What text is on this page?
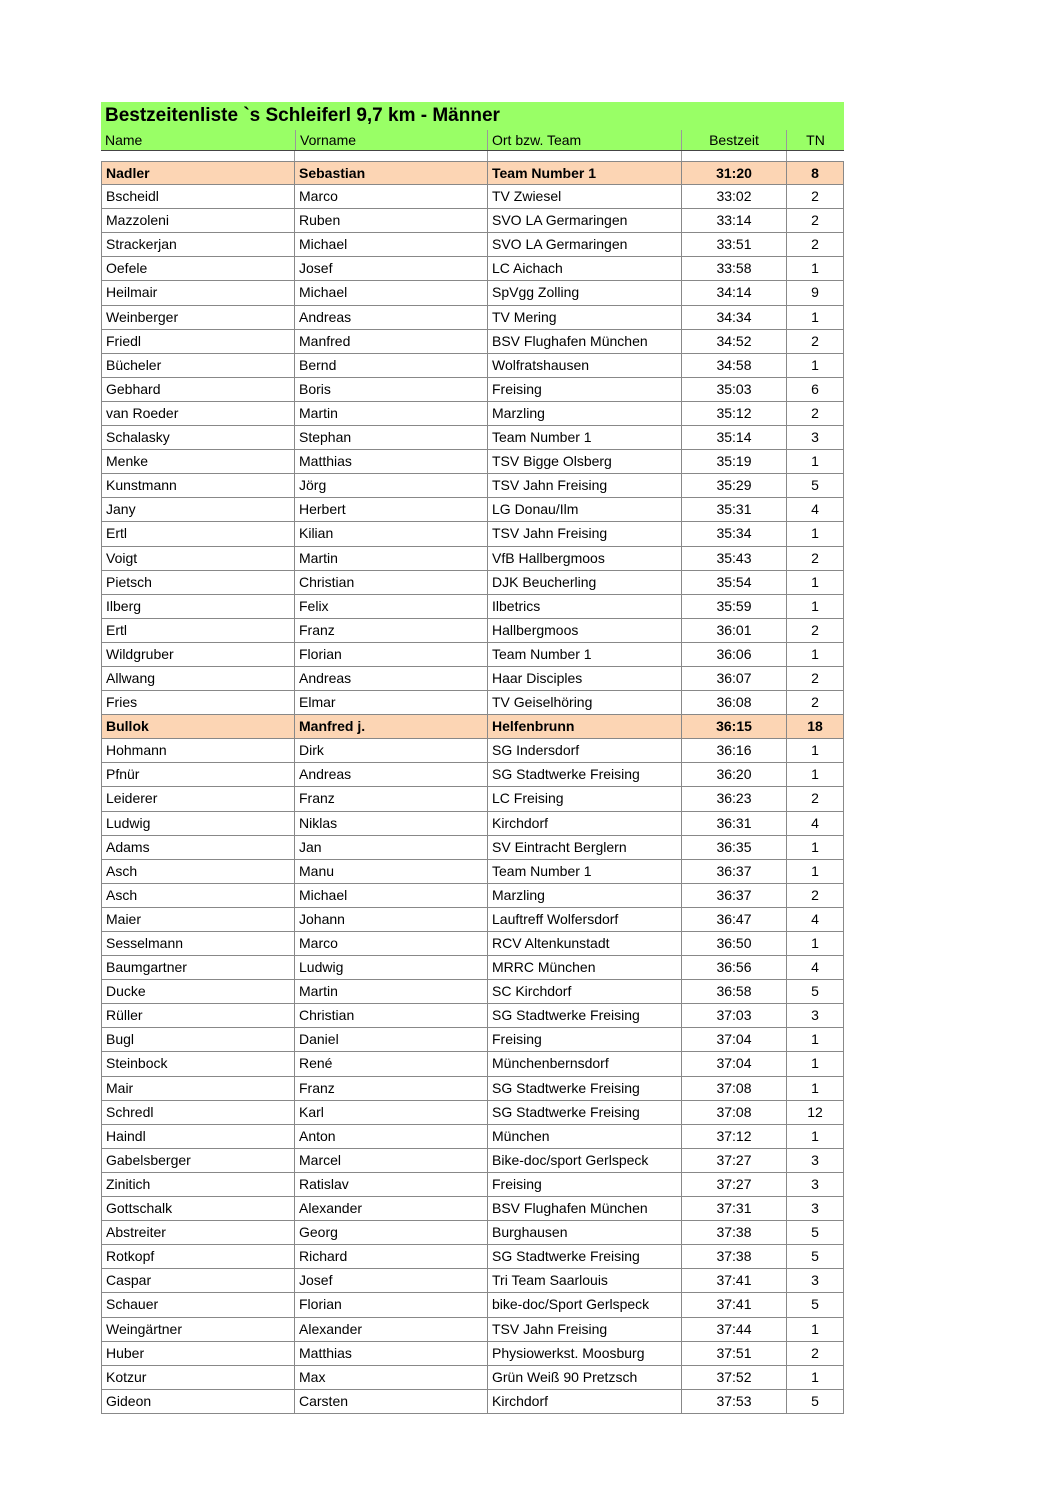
Bestzeitenliste `s Schleiferl 9,7 km - Männer
Name	Vorname	Ort bzw. Team	Bestzeit	TN
Nadler	Sebastian	Team Number 1	31:20	8
Bscheidl	Marco	TV Zwiesel	33:02	2
Mazzoleni	Ruben	SVO LA Germaringen	33:14	2
Strackerjan	Michael	SVO LA Germaringen	33:51	2
Oefele	Josef	LC Aichach	33:58	1
Heilmair	Michael	SpVgg Zolling	34:14	9
Weinberger	Andreas	TV Mering	34:34	1
Friedl	Manfred	BSV Flughafen München	34:52	2
Bücheler	Bernd	Wolfratshausen	34:58	1
Gebhard	Boris	Freising	35:03	6
van Roeder	Martin	Marzling	35:12	2
Schalasky	Stephan	Team Number 1	35:14	3
Menke	Matthias	TSV Bigge Olsberg	35:19	1
Kunstmann	Jörg	TSV Jahn Freising	35:29	5
Jany	Herbert	LG Donau/Ilm	35:31	4
Ertl	Kilian	TSV Jahn Freising	35:34	1
Voigt	Martin	VfB Hallbergmoos	35:43	2
Pietsch	Christian	DJK Beucherling	35:54	1
Ilberg	Felix	Ilbetrics	35:59	1
Ertl	Franz	Hallbergmoos	36:01	2
Wildgruber	Florian	Team Number 1	36:06	1
Allwang	Andreas	Haar Disciples	36:07	2
Fries	Elmar	TV Geiselhöring	36:08	2
Bullok	Manfred j.	Helfenbrunn	36:15	18
Hohmann	Dirk	SG Indersdorf	36:16	1
Pfnür	Andreas	SG Stadtwerke Freising	36:20	1
Leiderer	Franz	LC Freising	36:23	2
Ludwig	Niklas	Kirchdorf	36:31	4
Adams	Jan	SV Eintracht Berglern	36:35	1
Asch	Manu	Team Number 1	36:37	1
Asch	Michael	Marzling	36:37	2
Maier	Johann	Lauftreff Wolfersdorf	36:47	4
Sesselmann	Marco	RCV Altenkunstadt	36:50	1
Baumgartner	Ludwig	MRRC München	36:56	4
Ducke	Martin	SC Kirchdorf	36:58	5
Rüller	Christian	SG Stadtwerke Freising	37:03	3
Bugl	Daniel	Freising	37:04	1
Steinbock	René	Münchenbernsdorf	37:04	1
Mair	Franz	SG Stadtwerke Freising	37:08	1
Schredl	Karl	SG Stadtwerke Freising	37:08	12
Haindl	Anton	München	37:12	1
Gabelsberger	Marcel	Bike-doc/sport Gerlspeck	37:27	3
Zinitich	Ratislav	Freising	37:27	3
Gottschalk	Alexander	BSV Flughafen München	37:31	3
Abstreiter	Georg	Burghausen	37:38	5
Rotkopf	Richard	SG Stadtwerke Freising	37:38	5
Caspar	Josef	Tri Team Saarlouis	37:41	3
Schauer	Florian	bike-doc/Sport Gerlspeck	37:41	5
Weingärtner	Alexander	TSV Jahn Freising	37:44	1
Huber	Matthias	Physiowerkst. Moosburg	37:51	2
Kotzur	Max	Grün Weiß 90 Pretzsch	37:52	1
Gideon	Carsten	Kirchdorf	37:53	5
